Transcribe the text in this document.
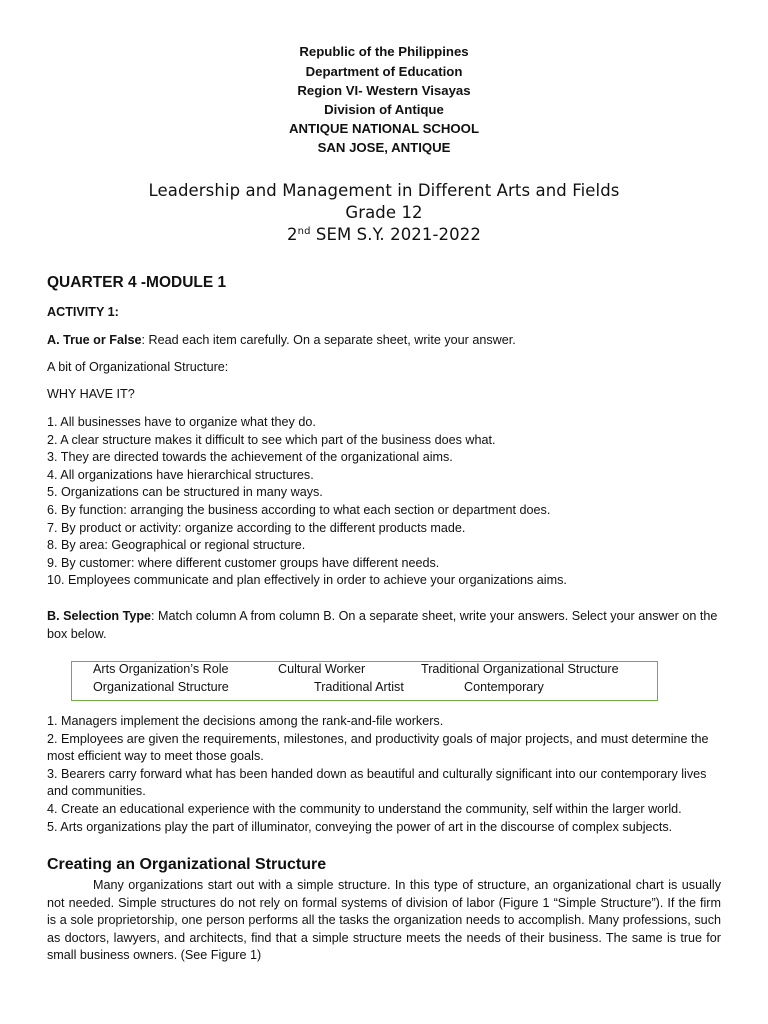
Republic of the Philippines
Department of Education
Region VI- Western Visayas
Division of Antique
ANTIQUE NATIONAL SCHOOL
SAN JOSE, ANTIQUE
Leadership and Management in Different Arts and Fields
Grade 12
2nd SEM S.Y. 2021-2022
QUARTER 4 -MODULE 1
ACTIVITY 1:
A. True or False: Read each item carefully. On a separate sheet, write your answer.
A bit of Organizational Structure:
WHY HAVE IT?
1. All businesses have to organize what they do.
2. A clear structure makes it difficult to see which part of the business does what.
3. They are directed towards the achievement of the organizational aims.
4. All organizations have hierarchical structures.
5. Organizations can be structured in many ways.
6. By function: arranging the business according to what each section or department does.
7. By product or activity: organize according to the different products made.
8. By area: Geographical or regional structure.
9. By customer: where different customer groups have different needs.
10. Employees communicate and plan effectively in order to achieve your organizations aims.
B. Selection Type: Match column A from column B. On a separate sheet, write your answers. Select your answer on the box below.
Arts Organization’s Role	Cultural Worker	Traditional Organizational Structure
Organizational Structure	Traditional Artist	Contemporary
1. Managers implement the decisions among the rank-and-file workers.
2. Employees are given the requirements, milestones, and productivity goals of major projects, and must determine the most efficient way to meet those goals.
3. Bearers carry forward what has been handed down as beautiful and culturally significant into our contemporary lives and communities.
4. Create an educational experience with the community to understand the community, self within the larger world.
5. Arts organizations play the part of illuminator, conveying the power of art in the discourse of complex subjects.
Creating an Organizational Structure
Many organizations start out with a simple structure. In this type of structure, an organizational chart is usually not needed. Simple structures do not rely on formal systems of division of labor (Figure 1 “Simple Structure”). If the firm is a sole proprietorship, one person performs all the tasks the organization needs to accomplish. Many professions, such as doctors, lawyers, and architects, find that a simple structure meets the needs of their business. The same is true for small business owners. (See Figure 1)
